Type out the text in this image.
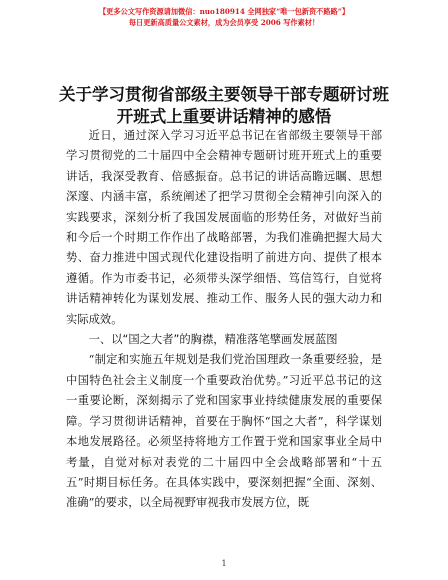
【更多公文写作资源请加微信：nuo180914 全网独家“唯一包新资不路路”】
每日更新高质量公文素材，成为会员享受 2006 写作素材！
关于学习贯彻省部级主要领导干部专题研讨班
开班式上重要讲话精神的感悟

近日，通过深入学习习近平总书记在省部级主要领导干部学习贯彻党的二十届四中全会精神专题研讨班开班式上的重要讲话，我深受教育、倍感振奋。总书记的讲话高瞻远瞩、思想深邃、内涵丰富，系统阐述了把学习贯彻全会精神引向深入的实践要求，深刻分析了我国发展面临的形势任务，对做好当前和今后一个时期工作作出了战略部署，为我们准确把握大局大势、奋力推进中国式现代化建设指明了前进方向、提供了根本遵循。作为市委书记，必须带头深学细悟、笃信笃行，自觉将讲话精神转化为谋划发展、推动工作、服务人民的强大动力和实际成效。

一、以“国之大者”的胸襟，精准落笔擘画发展蓝图

“制定和实施五年规划是我们党治国理政一条重要经验，是中国特色社会主义制度一个重要政治优势。”习近平总书记的这一重要论断，深刻揭示了党和国家事业持续健康发展的重要保障。学习贯彻讲话精神，首要在于胸怀“国之大者”，科学谋划本地发展路径。必须坚持将地方工作置于党和国家事业全局中考量，自觉对标对表党的二十届四中全会战略部署和“十五五”时期目标任务。在具体实践中，要深刻把握“全面、深刻、准确”的要求，以全局视野审视我市发展方位，既

1
